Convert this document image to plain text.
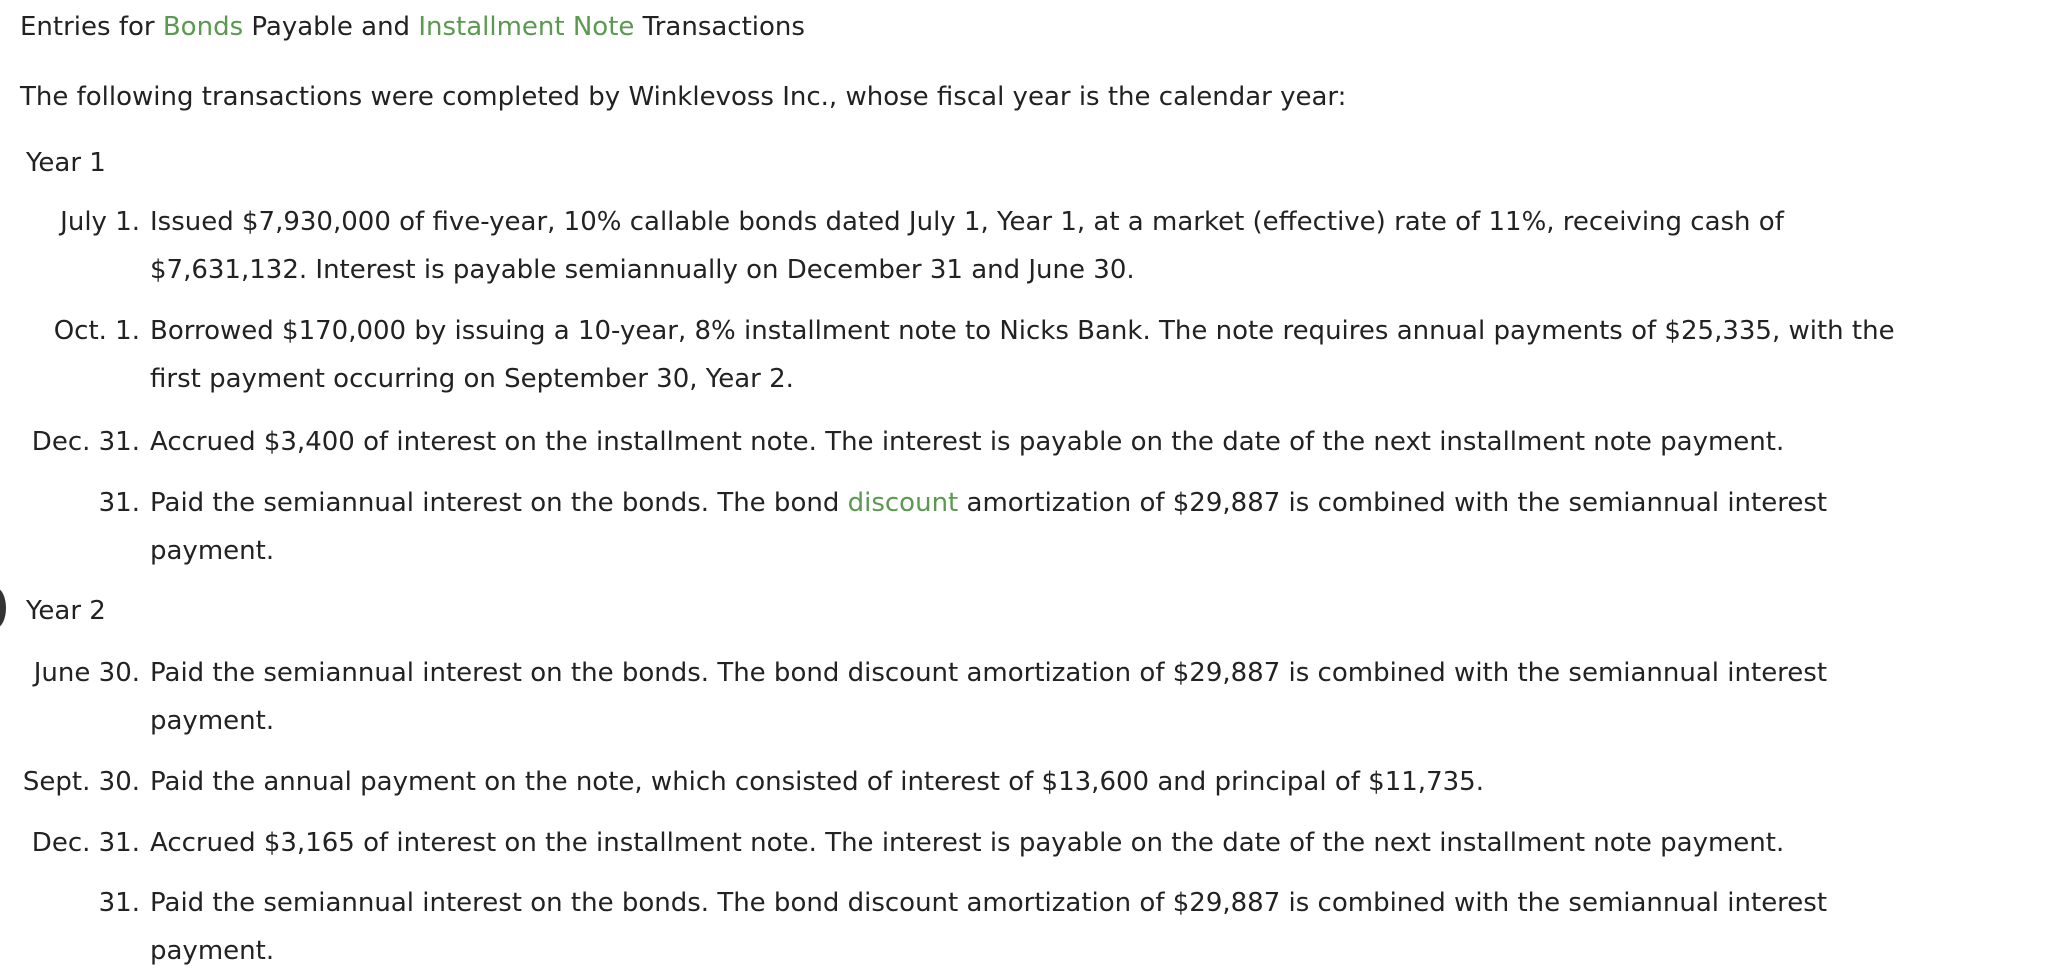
Entries for Bonds Payable and Installment Note Transactions
The following transactions were completed by Winklevoss Inc., whose fiscal year is the calendar year:
Year 1
July 1. Issued $7,930,000 of five-year, 10% callable bonds dated July 1, Year 1, at a market (effective) rate of 11%, receiving cash of
$7,631,132. Interest is payable semiannually on December 31 and June 30.
Oct. 1. Borrowed $170,000 by issuing a 10-year, 8% installment note to Nicks Bank. The note requires annual payments of $25,335, with the
first payment occurring on September 30, Year 2.
Dec. 31. Accrued $3,400 of interest on the installment note. The interest is payable on the date of the next installment note payment.
31. Paid the semiannual interest on the bonds. The bond discount amortization of $29,887 is combined with the semiannual interest
payment.
Year 2
June 30. Paid the semiannual interest on the bonds. The bond discount amortization of $29,887 is combined with the semiannual interest
payment.
Sept. 30. Paid the annual payment on the note, which consisted of interest of $13,600 and principal of $11,735.
Dec. 31. Accrued $3,165 of interest on the installment note. The interest is payable on the date of the next installment note payment.
31. Paid the semiannual interest on the bonds. The bond discount amortization of $29,887 is combined with the semiannual interest
payment.
